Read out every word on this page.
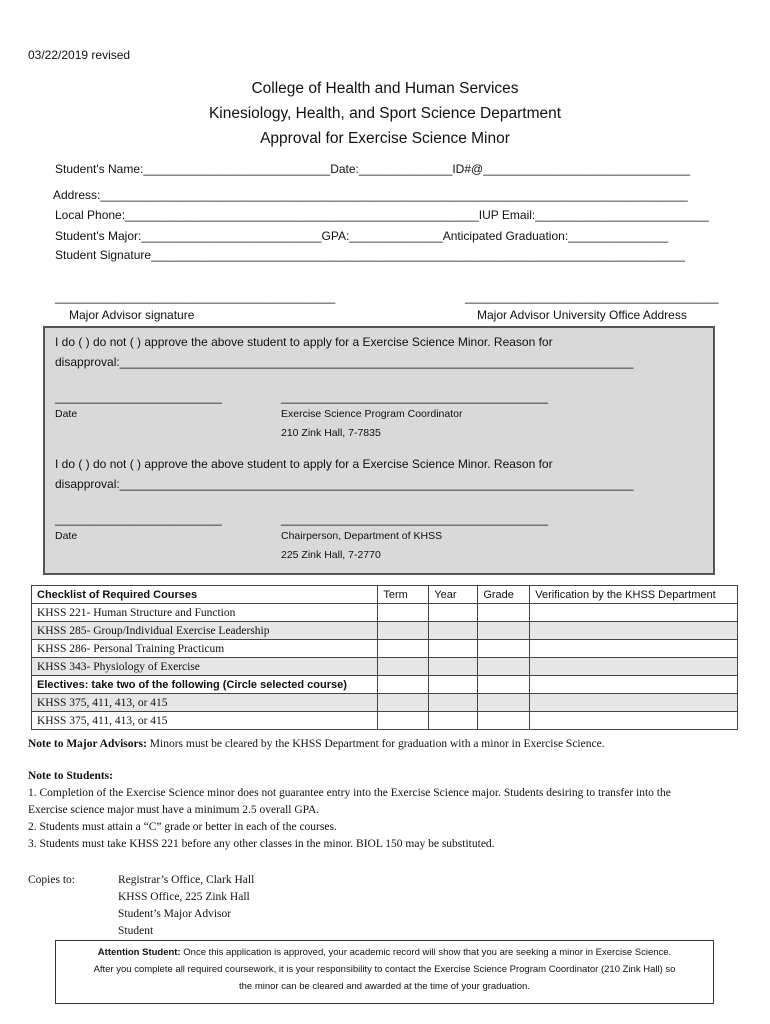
03/22/2019 revised
College of Health and Human Services
Kinesiology, Health, and Sport Science Department
Approval for Exercise Science Minor
Student's Name:____________________________Date:______________ID#@_______________________________
Address:________________________________________________________________________________________
Local Phone:_____________________________________________________IUP Email:__________________________
Student's Major:___________________________GPA:______________Anticipated Graduation:_______________
Student Signature________________________________________________________________________________
__________________________________________	______________________________________
Major Advisor signature	Major Advisor University Office Address
I do ( ) do not ( ) approve the above student to apply for a Exercise Science Minor. Reason for
disapproval:_____________________________________________________________________________
_________________________	________________________________________
Date	Exercise Science Program Coordinator
210 Zink Hall, 7-7835
I do ( ) do not ( ) approve the above student to apply for a Exercise Science Minor. Reason for
disapproval:_____________________________________________________________________________
_________________________	________________________________________
Date	Chairperson, Department of KHSS
225 Zink Hall, 7-2770
Checklist of Required Courses	Term	Year	Grade	Verification by the KHSS Department
KHSS 221- Human Structure and Function				
KHSS 285- Group/Individual Exercise Leadership				
KHSS 286- Personal Training Practicum				
KHSS 343- Physiology of Exercise				
Electives: take two of the following (Circle selected course)				
KHSS 375, 411, 413, or 415				
KHSS 375, 411, 413, or 415				
Note to Major Advisors: Minors must be cleared by the KHSS Department for graduation with a minor in Exercise Science.
Note to Students:
1. Completion of the Exercise Science minor does not guarantee entry into the Exercise Science major. Students desiring to transfer into the
Exercise science major must have a minimum 2.5 overall GPA.
2. Students must attain a “C” grade or better in each of the courses.
3. Students must take KHSS 221 before any other classes in the minor. BIOL 150 may be substituted.
Copies to:	Registrar’s Office, Clark Hall
KHSS Office, 225 Zink Hall
Student’s Major Advisor
Student
Attention Student: Once this application is approved, your academic record will show that you are seeking a minor in Exercise Science.
After you complete all required coursework, it is your responsibility to contact the Exercise Science Program Coordinator (210 Zink Hall) so
the minor can be cleared and awarded at the time of your graduation.
